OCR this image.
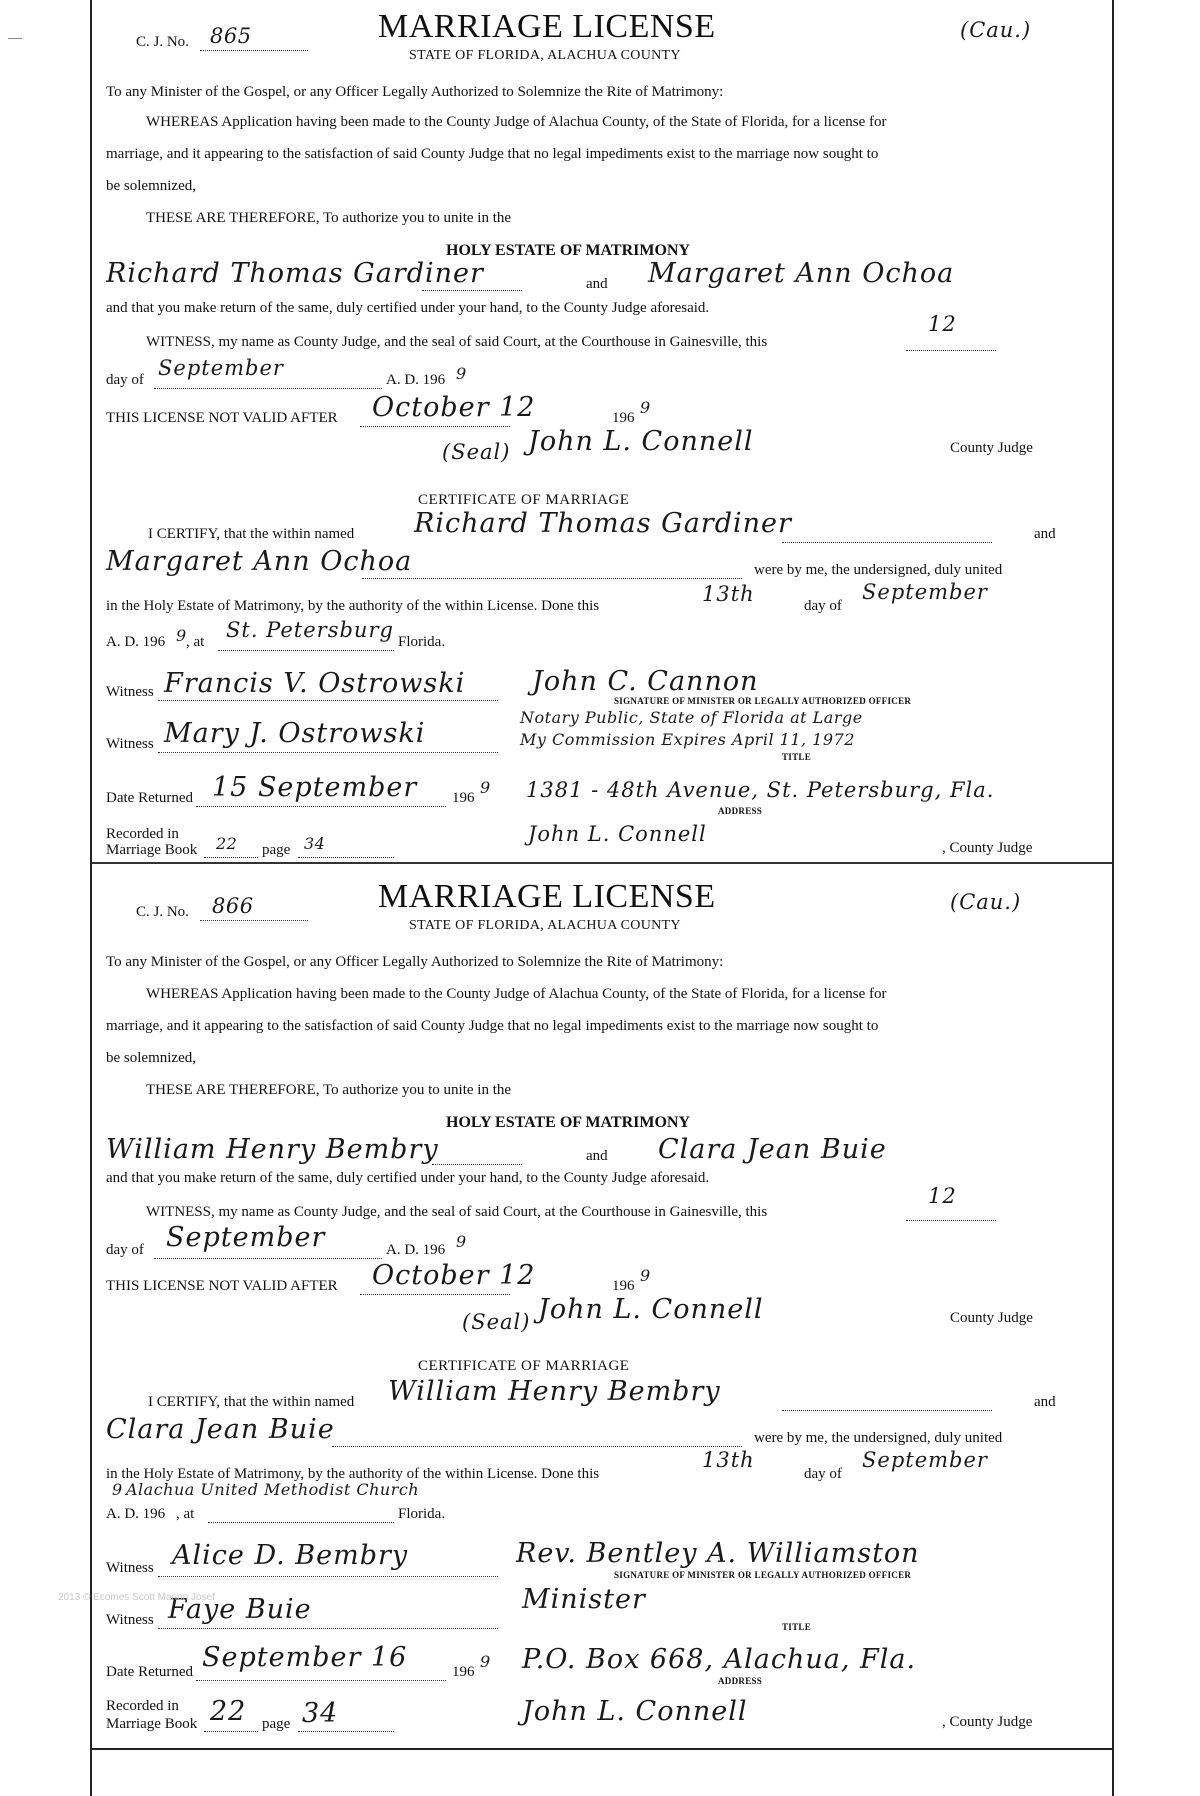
C. J. No. 865	MARRIAGE LICENSE
STATE OF FLORIDA, ALACHUA COUNTY
(Cau.)
To any Minister of the Gospel, or any Officer Legally Authorized to Solemnize the Rite of Matrimony:
WHEREAS Application having been made to the County Judge of Alachua County, of the State of Florida, for a license for
marriage, and it appearing to the satisfaction of said County Judge that no legal impediments exist to the marriage now sought to
be solemnized,
THESE ARE THEREFORE, To authorize you to unite in the
HOLY ESTATE OF MATRIMONY
Richard Thomas Gardiner	and Margaret Ann Ochoa
and that you make return of the same, duly certified under your hand, to the County Judge aforesaid.
WITNESS, my name as County Judge, and the seal of said Court, at the Courthouse in Gainesville, this
12
day of September	A. D. 196 9
THIS LICENSE NOT VALID AFTER October 12	196
9
(Seal) John L. Connell	County Judge
CERTIFICATE OF MARRIAGE
I CERTIFY, that the within named Richard Thomas Gardiner	and
Margaret Ann Ochoa	were by me, the undersigned, duly united
in the Holy Estate of Matrimony, by the authority of the within License. Done this	13th	day of
September
A. D. 196 9 , at St. Petersburg Florida.
Witness Francis V. Ostrowski John C. Cannon
SIGNATURE OF MINISTER OR LEGALLY AUTHORIZED OFFICER
Witness Mary J. Ostrowski
Notary Public, State of Florida at Large
My Commission Expires April 11, 1972
TITLE
Date Returned 15 September 196
9 1381 - 48th Avenue, St. Petersburg, Fla.
ADDRESS
Recorded in
Marriage Book 22 page 34	John L. Connell
, County Judge
C. J. No. 866	MARRIAGE LICENSE
STATE OF FLORIDA, ALACHUA COUNTY
(Cau.)
To any Minister of the Gospel, or any Officer Legally Authorized to Solemnize the Rite of Matrimony:
WHEREAS Application having been made to the County Judge of Alachua County, of the State of Florida, for a license for
marriage, and it appearing to the satisfaction of said County Judge that no legal impediments exist to the marriage now sought to
be solemnized,
THESE ARE THEREFORE, To authorize you to unite in the
HOLY ESTATE OF MATRIMONY
William Henry Bembry	and Clara Jean Buie
and that you make return of the same, duly certified under your hand, to the County Judge aforesaid.
WITNESS, my name as County Judge, and the seal of said Court, at the Courthouse in Gainesville, this
12
day of September	A. D. 196 9
THIS LICENSE NOT VALID AFTER October 12	196
9
(Seal) John L. Connell	County Judge
CERTIFICATE OF MARRIAGE
I CERTIFY, that the within named William Henry Bembry	and
Clara Jean Buie	were by me, the undersigned, duly united
in the Holy Estate of Matrimony, by the authority of the within License. Done this
13th
day of
September
A. D. 196
9 Alachua United Methodist Church
, at	Florida.
Witness Alice D. Bembry	Rev. Bentley A. Williamston
SIGNATURE OF MINISTER OR LEGALLY AUTHORIZED OFFICER
Witness Faye Buie	Minister
TITLE
Date Returned September 16	196
9 P.O. Box 668, Alachua, Fla.
ADDRESS
Recorded in
Marriage Book 22 page 34	John L. Connell	, County Judge
2013 © Ecomes Scott Marion Josef
